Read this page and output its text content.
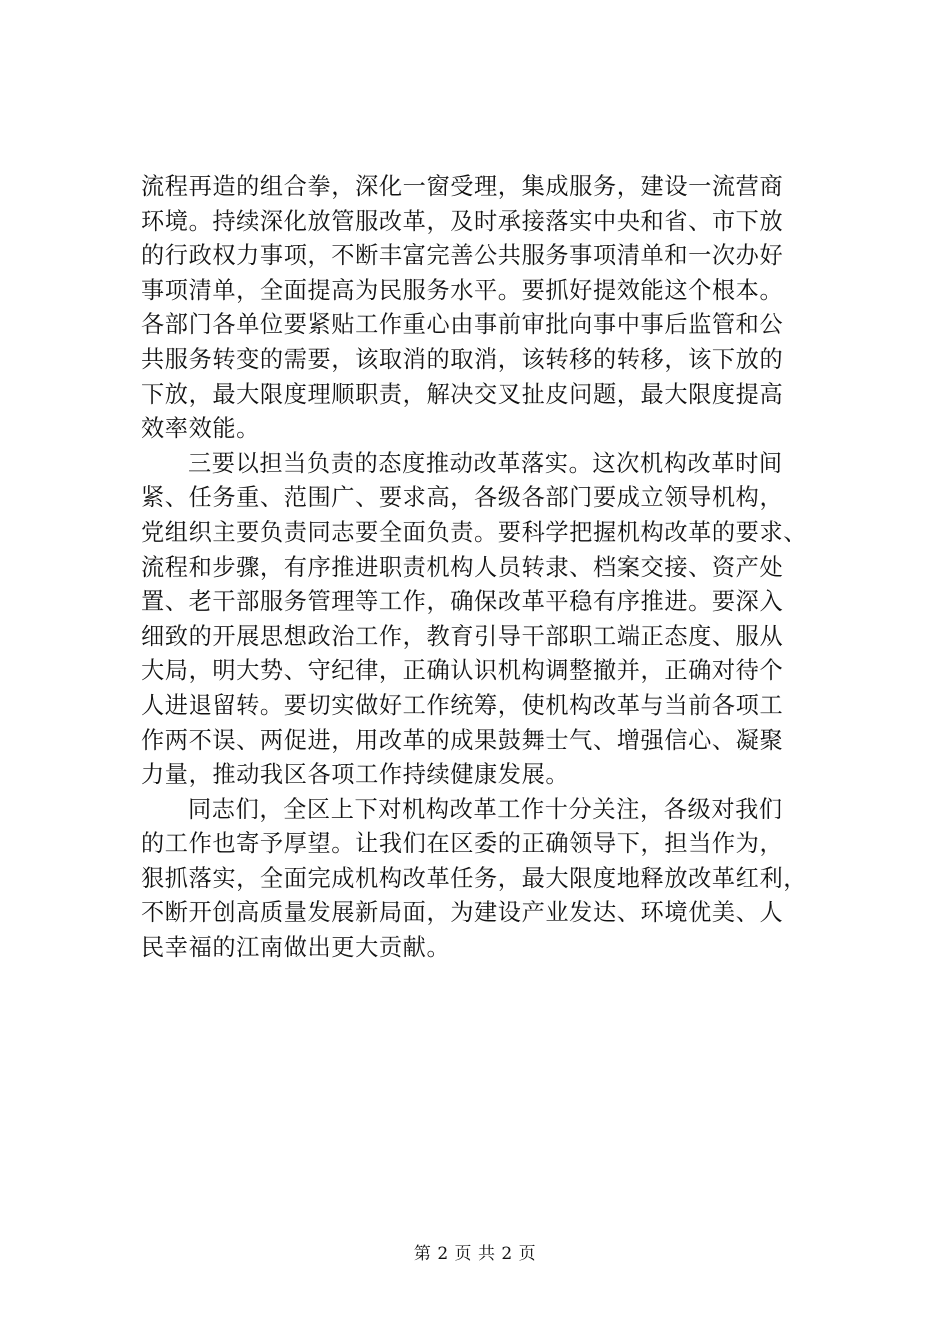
流程再造的组合拳，深化一窗受理，集成服务，建设一流营商
环境。持续深化放管服改革，及时承接落实中央和省、市下放
的行政权力事项，不断丰富完善公共服务事项清单和一次办好
事项清单，全面提高为民服务水平。要抓好提效能这个根本。
各部门各单位要紧贴工作重心由事前审批向事中事后监管和公
共服务转变的需要，该取消的取消，该转移的转移，该下放的
下放，最大限度理顺职责，解决交叉扯皮问题，最大限度提高
效率效能。
三要以担当负责的态度推动改革落实。这次机构改革时间
紧、任务重、范围广、要求高，各级各部门要成立领导机构，
党组织主要负责同志要全面负责。要科学把握机构改革的要求、
流程和步骤，有序推进职责机构人员转隶、档案交接、资产处
置、老干部服务管理等工作，确保改革平稳有序推进。要深入
细致的开展思想政治工作，教育引导干部职工端正态度、服从
大局，明大势、守纪律，正确认识机构调整撤并，正确对待个
人进退留转。要切实做好工作统筹，使机构改革与当前各项工
作两不误、两促进，用改革的成果鼓舞士气、增强信心、凝聚
力量，推动我区各项工作持续健康发展。
同志们，全区上下对机构改革工作十分关注，各级对我们
的工作也寄予厚望。让我们在区委的正确领导下，担当作为，
狠抓落实，全面完成机构改革任务，最大限度地释放改革红利，
不断开创高质量发展新局面，为建设产业发达、环境优美、人
民幸福的江南做出更大贡献。
第 2 页 共 2 页
